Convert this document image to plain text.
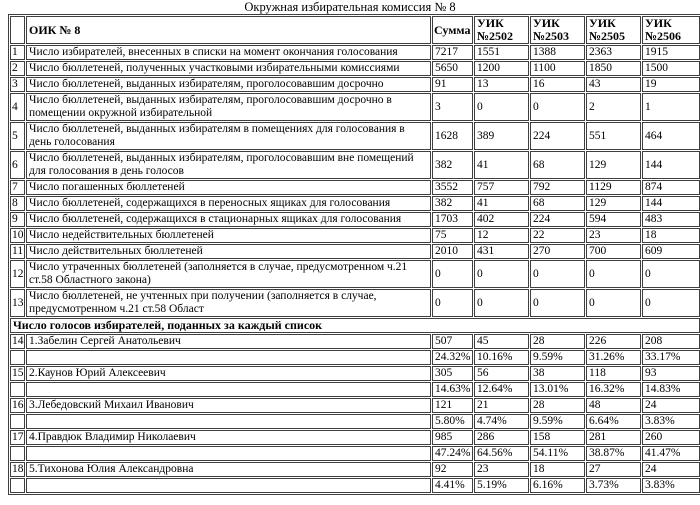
Окружная избирательная комиссия № 8
	ОИК № 8	Сумма	УИК №2502	УИК №2503	УИК №2505	УИК №2506
1	Число избирателей, внесенных в списки на момент окончания голосования	7217	1551	1388	2363	1915
2	Число бюллетеней, полученных участковыми избирательными комиссиями	5650	1200	1100	1850	1500
3	Число бюллетеней, выданных избирателям, проголосовавшим досрочно	91	13	16	43	19
4	Число бюллетеней, выданных избирателям, проголосовавшим досрочно в помещении окружной избирательной	3	0	0	2	1
5	Число бюллетеней, выданных избирателям в помещениях для голосования в день голосования	1628	389	224	551	464
6	Число бюллетеней, выданных избирателям, проголосовавшим вне помещений для голосования в день голосов	382	41	68	129	144
7	Число погашенных бюллетеней	3552	757	792	1129	874
8	Число бюллетеней, содержащихся в переносных ящиках для голосования	382	41	68	129	144
9	Число бюллетеней, содержащихся в стационарных ящиках для голосования	1703	402	224	594	483
10	Число недействительных бюллетеней	75	12	22	23	18
11	Число действительных бюллетеней	2010	431	270	700	609
12	Число утраченных бюллетеней (заполняется в случае, предусмотренном ч.21 ст.58 Областного закона)	0	0	0	0	0
13	Число бюллетеней, не учтенных при получении (заполняется в случае, предусмотренном ч.21 ст.58 Област	0	0	0	0	0
Число голосов избирателей, поданных за каждый список						
14	1.Забелин Сергей Анатольевич	507	45	28	226	208
		24.32%	10.16%	9.59%	31.26%	33.17%
15	2.Каунов Юрий Алексеевич	305	56	38	118	93
		14.63%	12.64%	13.01%	16.32%	14.83%
16	3.Лебедовский Михаил Иванович	121	21	28	48	24
		5.80%	4.74%	9.59%	6.64%	3.83%
17	4.Правдюк Владимир Николаевич	985	286	158	281	260
		47.24%	64.56%	54.11%	38.87%	41.47%
18	5.Тихонова Юлия Александровна	92	23	18	27	24
		4.41%	5.19%	6.16%	3.73%	3.83%
